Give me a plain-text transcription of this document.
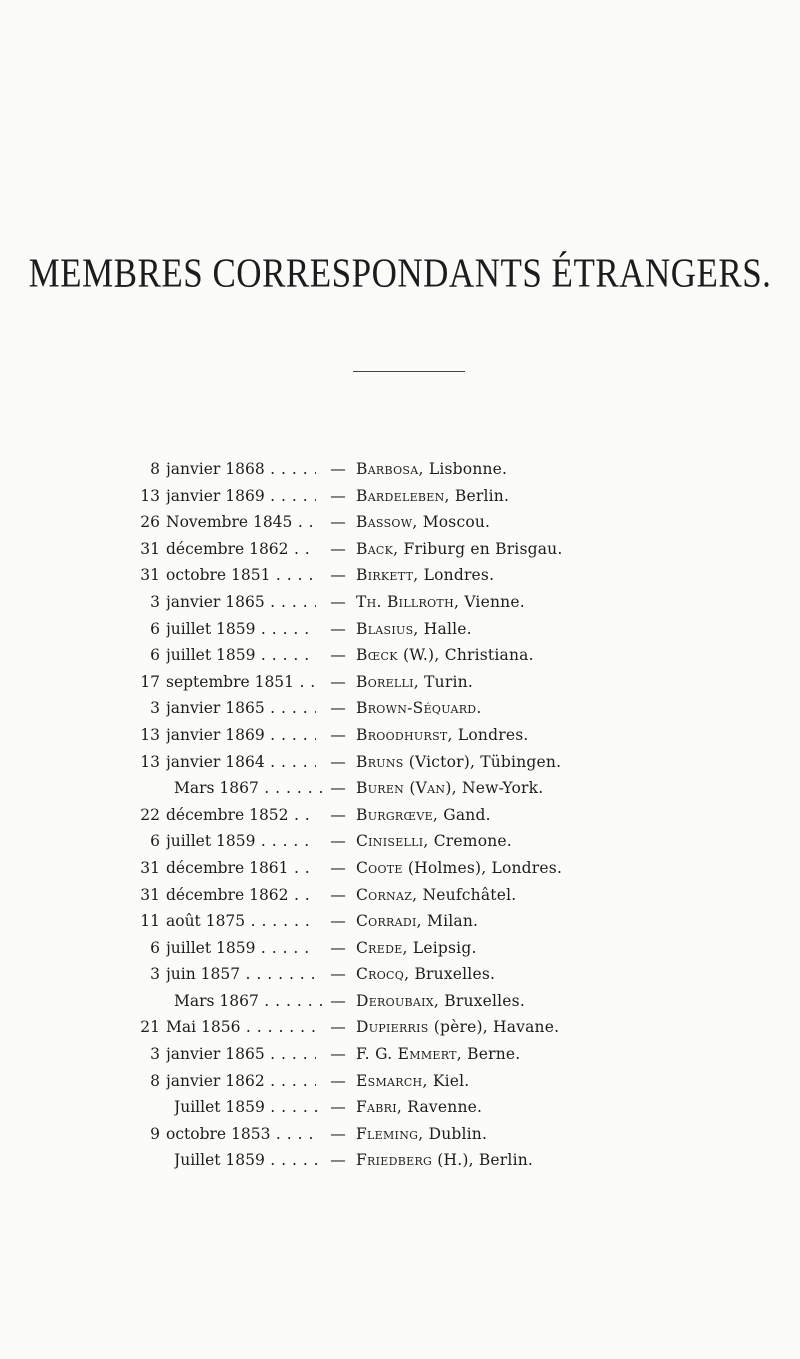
MEMBRES CORRESPONDANTS ÉTRANGERS.
8 janvier 1868 . . .	— Barbosa, Lisbonne.
13 janvier 1869 . . .	— Bardeleben, Berlin.
26 Novembre 1845 . . .	— Bassow, Moscou.
31 décembre 1862 . . .	— Back, Friburg en Brisgau.
31 octobre 1851 . . .	— Birkett, Londres.
3 janvier 1865 . . .	— Th. Billroth, Vienne.
6 juillet 1859 . . .	— Blasius, Halle.
6 juillet 1859 . . .	— Bœck (W.), Christiana.
17 septembre 1851 . . .	— Borelli, Turin.
3 janvier 1865 . . .	— Brown-Séquard.
13 janvier 1869 . . .	— Broodhurst, Londres.
13 janvier 1864 . . .	— Bruns (Victor), Tübingen.
Mars 1867 . . .	— Buren (Van), New-York.
22 décembre 1852 . . .	— Burgrœve, Gand.
6 juillet 1859 . . .	— Ciniselli, Cremone.
31 décembre 1861 . . .	— Coote (Holmes), Londres.
31 décembre 1862 . . .	— Cornaz, Neufchâtel.
11 août 1875 . . .	— Corradi, Milan.
6 juillet 1859 . . .	— Crede, Leipsig.
3 juin 1857 . . .	— Crocq, Bruxelles.
Mars 1867 . . .	— Deroubaix, Bruxelles.
21 Mai 1856 . . .	— Dupierris (père), Havane.
3 janvier 1865 . . .	— F. G. Emmert, Berne.
8 janvier 1862 . . .	— Esmarch, Kiel.
Juillet 1859 . . .	— Fabri, Ravenne.
9 octobre 1853 . . .	— Fleming, Dublin.
Juillet 1859 . . .	— Friedberg (H.), Berlin.
